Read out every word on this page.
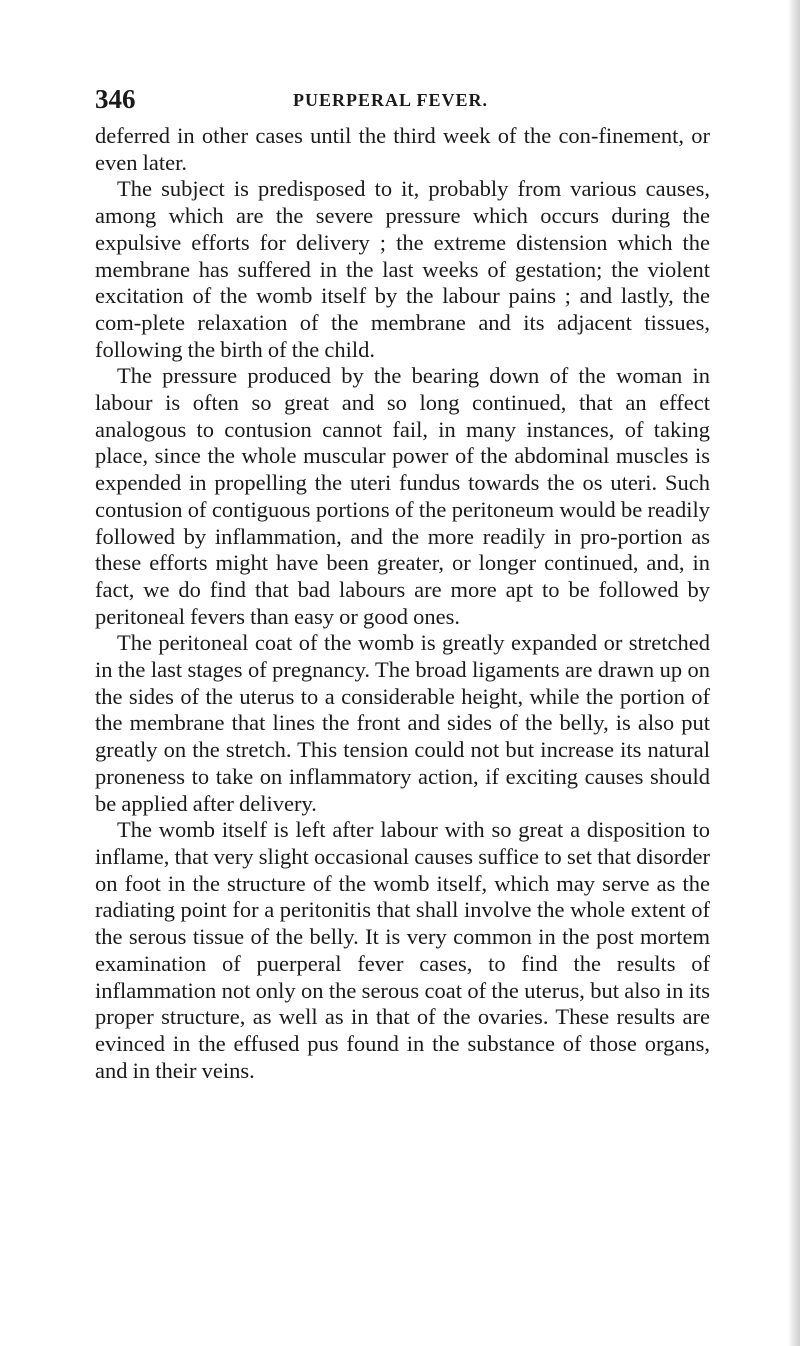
346	PUERPERAL FEVER.

deferred in other cases until the third week of the con-finement, or even later.

The subject is predisposed to it, probably from various causes, among which are the severe pressure which occurs during the expulsive efforts for delivery ; the extreme distension which the membrane has suffered in the last weeks of gestation; the violent excitation of the womb itself by the labour pains ; and lastly, the com-plete relaxation of the membrane and its adjacent tissues, following the birth of the child.

The pressure produced by the bearing down of the woman in labour is often so great and so long continued, that an effect analogous to contusion cannot fail, in many instances, of taking place, since the whole muscular power of the abdominal muscles is expended in propelling the uteri fundus towards the os uteri. Such contusion of contiguous portions of the peritoneum would be readily followed by inflammation, and the more readily in pro-portion as these efforts might have been greater, or longer continued, and, in fact, we do find that bad labours are more apt to be followed by peritoneal fevers than easy or good ones.

The peritoneal coat of the womb is greatly expanded or stretched in the last stages of pregnancy. The broad ligaments are drawn up on the sides of the uterus to a considerable height, while the portion of the membrane that lines the front and sides of the belly, is also put greatly on the stretch. This tension could not but increase its natural proneness to take on inflammatory action, if exciting causes should be applied after delivery.

The womb itself is left after labour with so great a disposition to inflame, that very slight occasional causes suffice to set that disorder on foot in the structure of the womb itself, which may serve as the radiating point for a peritonitis that shall involve the whole extent of the serous tissue of the belly. It is very common in the post mortem examination of puerperal fever cases, to find the results of inflammation not only on the serous coat of the uterus, but also in its proper structure, as well as in that of the ovaries. These results are evinced in the effused pus found in the substance of those organs, and in their veins.
